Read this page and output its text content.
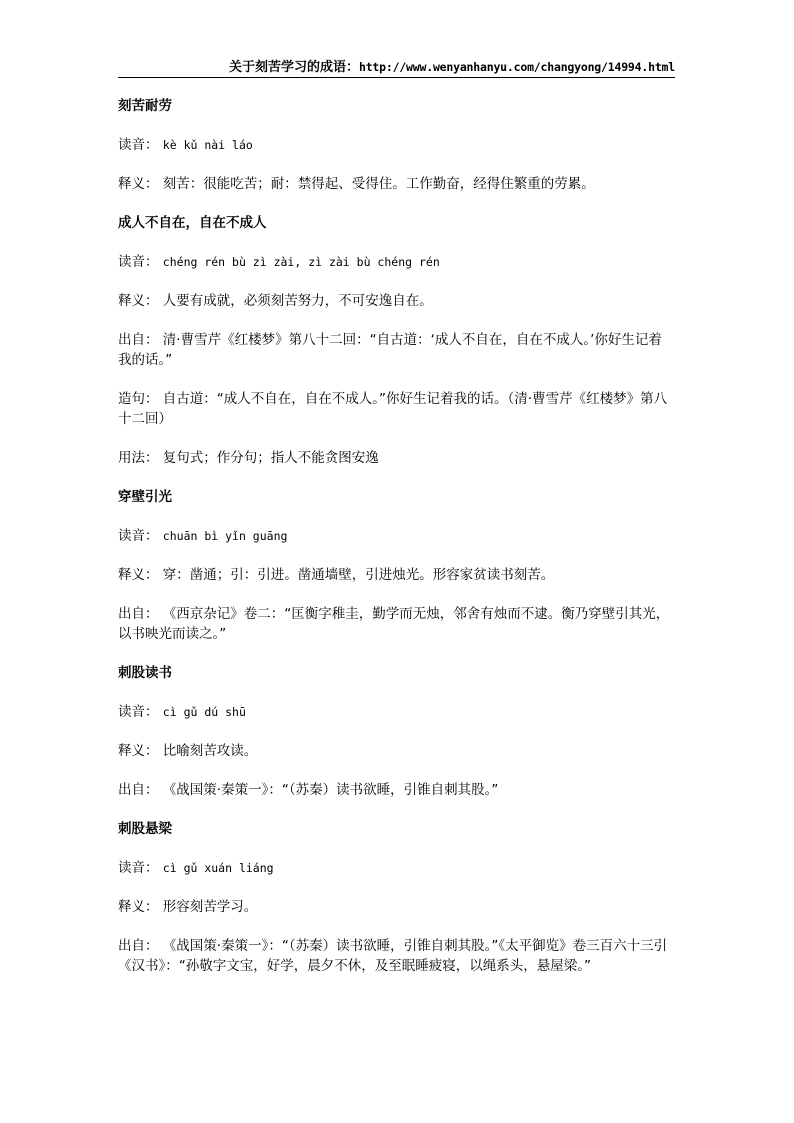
关于刻苦学习的成语：http://www.wenyanhanyu.com/changyong/14994.html
刻苦耐劳
读音： kè kǔ nài láo
释义： 刻苦：很能吃苦；耐：禁得起、受得住。工作勤奋，经得住繁重的劳累。
成人不自在，自在不成人
读音： chéng rén bù zì zài, zì zài bù chéng rén
释义： 人要有成就，必须刻苦努力，不可安逸自在。
出自： 清·曹雪芹《红楼梦》第八十二回：“自古道：‘成人不自在，自在不成人。’你好生记着我的话。”
造句： 自古道：“成人不自在，自在不成人。”你好生记着我的话。（清·曹雪芹《红楼梦》第八十二回）
用法： 复句式；作分句；指人不能贪图安逸
穿壁引光
读音： chuān bì yǐn guāng
释义： 穿：凿通；引：引进。凿通墙壁，引进烛光。形容家贫读书刻苦。
出自： 《西京杂记》卷二：“匡衡字稚圭，勤学而无烛，邻舍有烛而不逮。衡乃穿壁引其光，以书映光而读之。”
刺股读书
读音： cì gǔ dú shū
释义： 比喻刻苦攻读。
出自： 《战国策·秦策一》：“（苏秦）读书欲睡，引锥自刺其股。”
刺股悬梁
读音： cì gǔ xuán liáng
释义： 形容刻苦学习。
出自： 《战国策·秦策一》：“（苏秦）读书欲睡，引锥自刺其股。”《太平御览》卷三百六十三引《汉书》：“孙敬字文宝，好学，晨夕不休，及至眠睡疲寝，以绳系头，悬屋梁。”
